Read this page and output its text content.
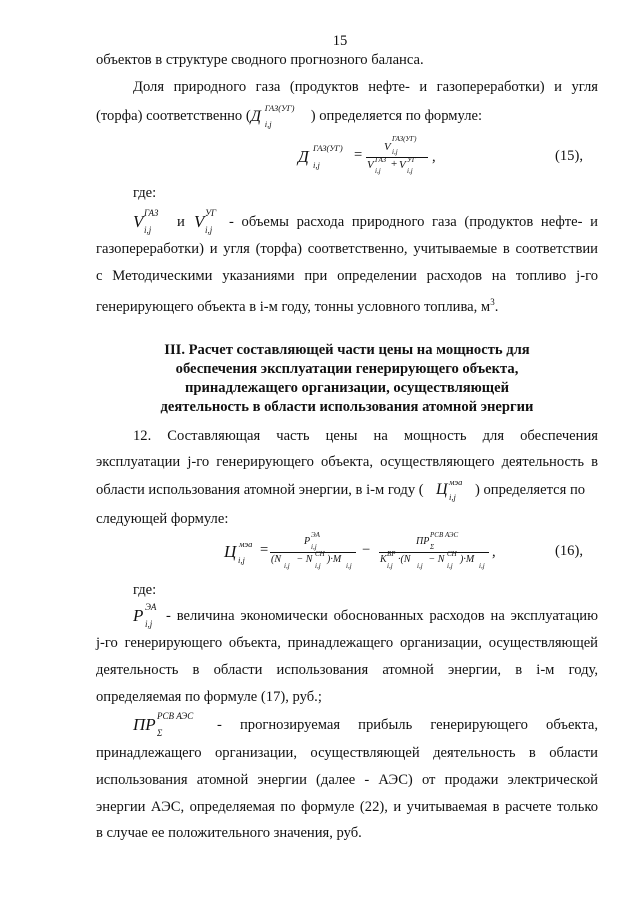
15
объектов в структуре сводного прогнозного баланса.
Доля природного газа (продуктов нефте- и газопереработки) и угля
(торфа) соответственно ( Д i,j
ГАЗ(УГ) ) определяется по формуле:
Д i,j
ГАЗ(УГ) = V i,j
ГАЗ(УГ)
V i,j
ГАЗ + V i,j
УГ ,	(15),
где:
V i,j
ГАЗ
и V i,j
УГ
- объемы расхода природного газа (продуктов нефте- и
газопереработки) и угля (торфа) соответственно, учитываемые в соответствии
с Методическими указаниями при определении расходов на топливо j-го
генерирующего объекта в i-м году, тонны условного топлива, $м^3$.
III. Расчет составляющей части цены на мощность для
обеспечения эксплуатации генерирующего объекта,
принадлежащего организации, осуществляющей
деятельность в области использования атомной энергии
12. Составляющая часть цены на мощность для обеспечения
эксплуатации j-го генерирующего объекта, осуществляющего деятельность в
области использования атомной энергии, в i-м году ( Ц i,j
мэа ) определяется по
следующей формуле:
Ц i,j
мэа =
P i,j
ЭА
(N
i,j
− N
i,j
СН )·M
i,j
−
ПР Σ
РСВ АЭС
K
i,j
ВР ·(N
i,j
− N
i,j
СН )·M
i,j
,	(16),
где:
P i,j
ЭА
- величина экономически обоснованных расходов на эксплуатацию
j-го генерирующего объекта, принадлежащего организации, осуществляющей
деятельность в области использования атомной энергии, в i-м году,
определяемая по формуле (17), руб.;
ПР Σ
РСВ АЭС
- прогнозируемая прибыль генерирующего объекта,
принадлежащего организации, осуществляющей деятельность в области
использования атомной энергии (далее - АЭС) от продажи электрической
энергии АЭС, определяемая по формуле (22), и учитываемая в расчете только
в случае ее положительного значения, руб.
